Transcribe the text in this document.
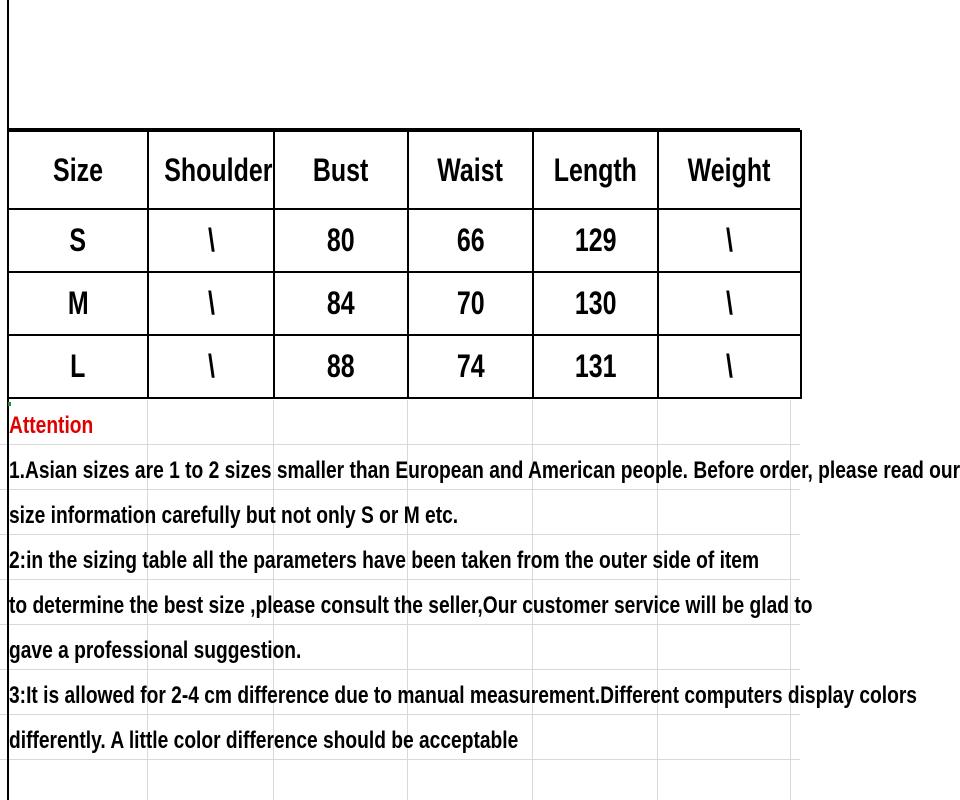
Size	Shoulder	Bust	Waist	Length	Weight
S	\	80	66	129	\
M	\	84	70	130	\
L	\	88	74	131	\
Attention
1.Asian sizes are 1 to 2 sizes smaller than European and American people. Before order, please read our
size information carefully but not only S or M etc.
2:in the sizing table all the parameters have been taken from the outer side of item
to determine the best size ,please consult the seller,Our customer service will be glad to
gave a professional suggestion.
3:It is allowed for 2-4 cm difference due to manual measurement.Different computers display colors
differently. A little color difference should be acceptable
